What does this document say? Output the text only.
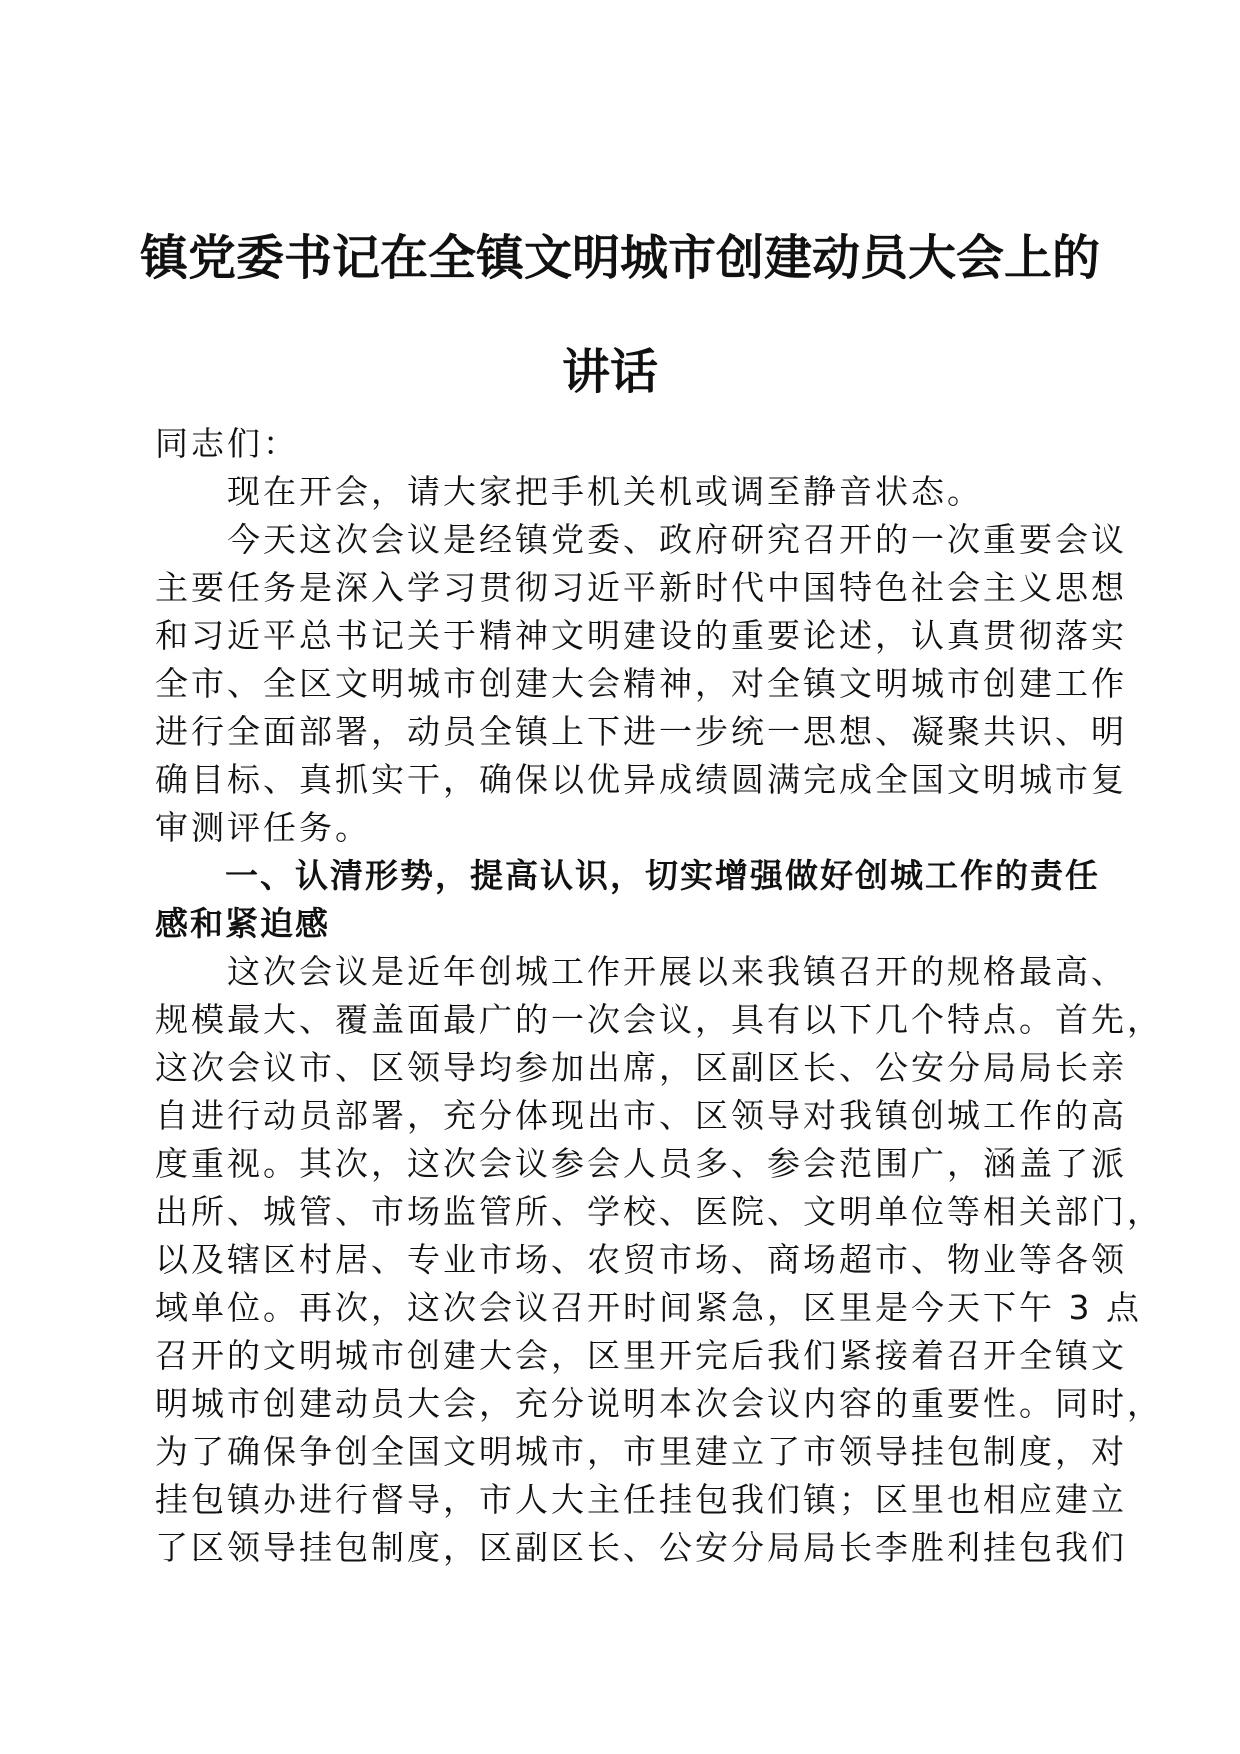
镇党委书记在全镇文明城市创建动员大会上的
讲话

同志们：

　　现在开会，请大家把手机关机或调至静音状态。

　　今天这次会议是经镇党委、政府研究召开的一次重要会议

主要任务是深入学习贯彻习近平新时代中国特色社会主义思想

和习近平总书记关于精神文明建设的重要论述，认真贯彻落实

全市、全区文明城市创建大会精神，对全镇文明城市创建工作

进行全面部署，动员全镇上下进一步统一思想、凝聚共识、明

确目标、真抓实干，确保以优异成绩圆满完成全国文明城市复

审测评任务。

　　一、认清形势，提高认识，切实增强做好创城工作的责任

感和紧迫感

　　这次会议是近年创城工作开展以来我镇召开的规格最高、

规模最大、覆盖面最广的一次会议，具有以下几个特点。首先，

这次会议市、区领导均参加出席，区副区长、公安分局局长亲

自进行动员部署，充分体现出市、区领导对我镇创城工作的高

度重视。其次，这次会议参会人员多、参会范围广，涵盖了派

出所、城管、市场监管所、学校、医院、文明单位等相关部门，

以及辖区村居、专业市场、农贸市场、商场超市、物业等各领

域单位。再次，这次会议召开时间紧急，区里是今天下午 3 点

召开的文明城市创建大会，区里开完后我们紧接着召开全镇文

明城市创建动员大会，充分说明本次会议内容的重要性。同时，

为了确保争创全国文明城市，市里建立了市领导挂包制度，对

挂包镇办进行督导，市人大主任挂包我们镇；区里也相应建立

了区领导挂包制度，区副区长、公安分局局长李胜利挂包我们
